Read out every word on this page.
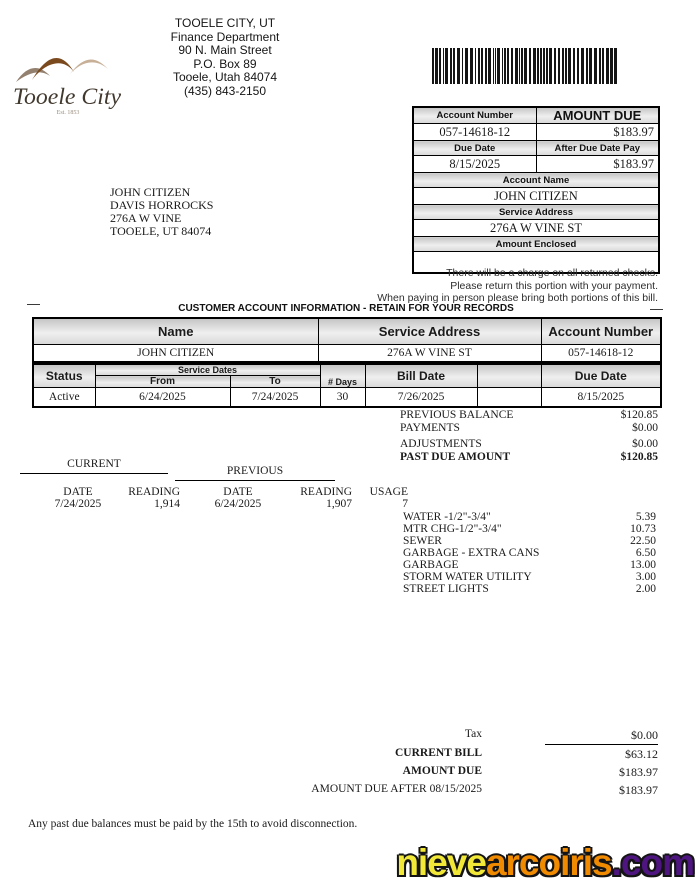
Tooele City
Est. 1853
TOOELE CITY, UT
Finance Department
90 N. Main Street
P.O. Box 89
Tooele, Utah 84074
(435) 843-2150
Account Number	AMOUNT DUE
057-14618-12	$183.97
Due Date	After Due Date Pay
8/15/2025	$183.97
Account Name	
JOHN CITIZEN	
Service Address	
276A W VINE ST	
Amount Enclosed	

JOHN CITIZEN
DAVIS HORROCKS
276A W VINE
TOOELE, UT 84074
There will be a charge on all returned checks.
Please return this portion with your payment.
When paying in person please bring both portions of this bill.
CUSTOMER ACCOUNT INFORMATION - RETAIN FOR YOUR RECORDS
Name	Service Address	Account Number
JOHN CITIZEN	276A W VINE ST	057-14618-12
Status	Service Dates		# Days	Bill Date		Due Date
	From	To				
Active	6/24/2025	7/24/2025	30	7/26/2025		8/15/2025
PREVIOUS BALANCE	$120.85
PAYMENTS	$0.00
ADJUSTMENTS	$0.00
PAST DUE AMOUNT	$120.85
CURRENT
PREVIOUS
DATE	READING	DATE	READING	USAGE
7/24/2025	1,914	6/24/2025	1,907	7
WATER -1/2"-3/4"	5.39
MTR CHG-1/2"-3/4"	10.73
SEWER	22.50
GARBAGE - EXTRA CANS	6.50
GARBAGE	13.00
STORM WATER UTILITY	3.00
STREET LIGHTS	2.00
Tax	$0.00
CURRENT BILL	$63.12
AMOUNT DUE	$183.97
AMOUNT DUE AFTER 08/15/2025	$183.97
Any past due balances must be paid by the 15th to avoid disconnection.
nievearcoiris.com
